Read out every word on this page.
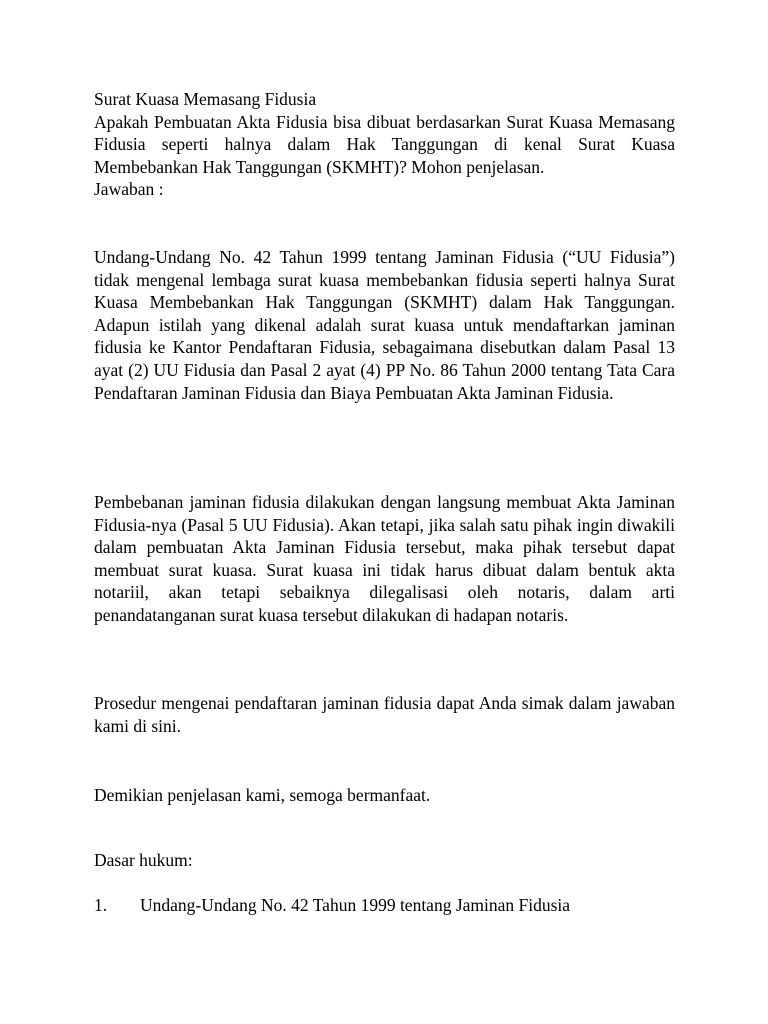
Surat Kuasa Memasang Fidusia

Apakah Pembuatan Akta Fidusia bisa dibuat berdasarkan Surat Kuasa Memasang Fidusia seperti halnya dalam Hak Tanggungan di kenal Surat Kuasa Membebankan Hak Tanggungan (SKMHT)? Mohon penjelasan.

Jawaban :

Undang-Undang No. 42 Tahun 1999 tentang Jaminan Fidusia (“UU Fidusia”) tidak mengenal lembaga surat kuasa membebankan fidusia seperti halnya Surat Kuasa Membebankan Hak Tanggungan (SKMHT) dalam Hak Tanggungan. Adapun istilah yang dikenal adalah surat kuasa untuk mendaftarkan jaminan fidusia ke Kantor Pendaftaran Fidusia, sebagaimana disebutkan dalam Pasal 13 ayat (2) UU Fidusia dan Pasal 2 ayat (4) PP No. 86 Tahun 2000 tentang Tata Cara Pendaftaran Jaminan Fidusia dan Biaya Pembuatan Akta Jaminan Fidusia.

Pembebanan jaminan fidusia dilakukan dengan langsung membuat Akta Jaminan Fidusia-nya (Pasal 5 UU Fidusia). Akan tetapi, jika salah satu pihak ingin diwakili dalam pembuatan Akta Jaminan Fidusia tersebut, maka pihak tersebut dapat membuat surat kuasa. Surat kuasa ini tidak harus dibuat dalam bentuk akta notariil, akan tetapi sebaiknya dilegalisasi oleh notaris, dalam arti penandatanganan surat kuasa tersebut dilakukan di hadapan notaris.

Prosedur mengenai pendaftaran jaminan fidusia dapat Anda simak dalam jawaban kami di sini.

Demikian penjelasan kami, semoga bermanfaat.

Dasar hukum:

1.	Undang-Undang No. 42 Tahun 1999 tentang Jaminan Fidusia
